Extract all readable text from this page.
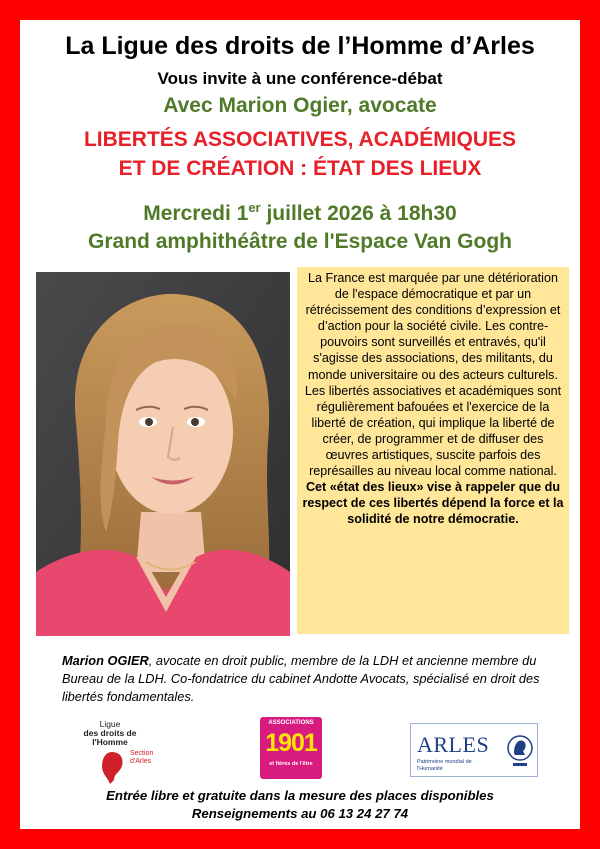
La Ligue des droits de l’Homme d’Arles
Vous invite à une conférence-débat
Avec Marion Ogier, avocate
LIBERTÉS ASSOCIATIVES, ACADÉMIQUES
ET DE CRÉATION : ÉTAT DES LIEUX
Mercredi 1er juillet 2026 à 18h30
Grand amphithéâtre de l'Espace Van Gogh
La France est marquée par une détérioration de l'espace démocratique et par un rétrécissement des conditions d’expression et d’action pour la société civile. Les contre-pouvoirs sont surveillés et entravés, qu'il s'agisse des associations, des militants, du monde universitaire ou des acteurs culturels. Les libertés associatives et académiques sont régulièrement bafouées et l'exercice de la liberté de création, qui implique la liberté de créer, de programmer et de diffuser des œuvres artistiques, suscite parfois des représailles au niveau local comme national.
Cet «état des lieux» vise à rappeler que du respect de ces libertés dépend la force et la solidité de notre démocratie.
Marion OGIER, avocate en droit public, membre de la LDH et ancienne membre du Bureau de la LDH. Co-fondatrice du cabinet Andotte Avocats, spécialisé en droit des libertés fondamentales.
Ligue
des droits de
l'Homme
Section
d'Arles
ASSOCIATIONS
1901
et fières de l'être
ARLES
Patrimoine mondial de l'Humanité
Entrée libre et gratuite dans la mesure des places disponibles
Renseignements au 06 13 24 27 74
